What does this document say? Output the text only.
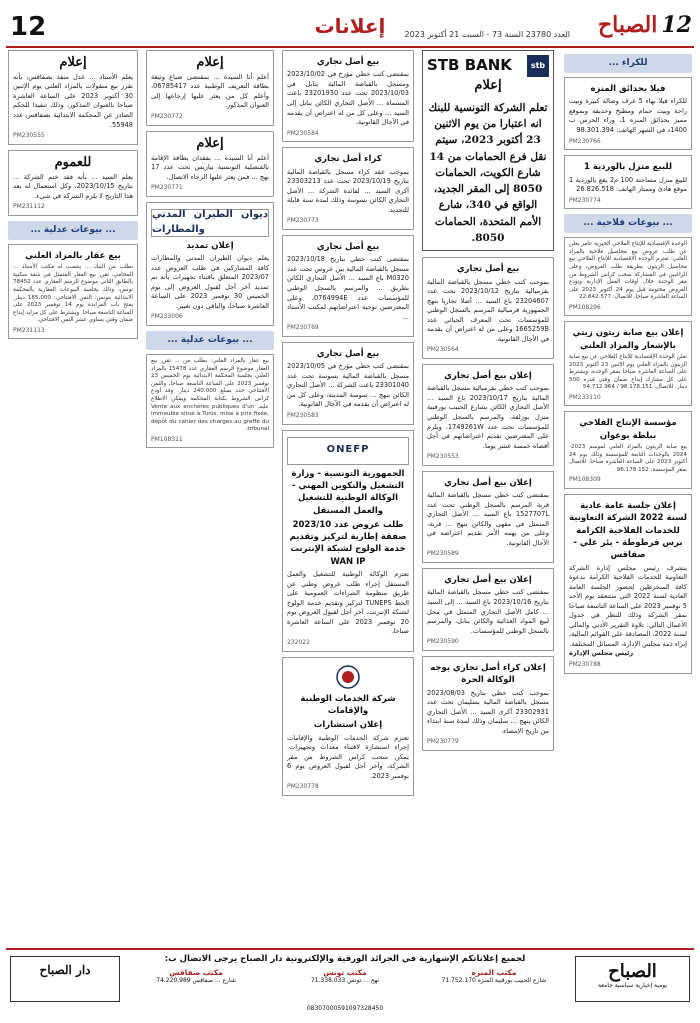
12الصباح
إعلانات
12	العدد 23780 السنة 73 - السبت 21 أكتوبر 2023
للكراء ...
فيلا بحدائق المنزه
للكراء فيلا بهاء 5 غرف وصالة كبيرة وبيت راحة وبيت حمام ومطبخ وحديقة وبموقع مميز بحدائق المنزه 1، وراء الحرس ب 1400د في الشهر الهاتف: 98.301.394
PM230766
للبيع منزل بالوردية 1
للبيع منزل مساحته 100 م2 يقع بالوردية 1 موقع هادئ وممتاز الهاتف: 26.826.518
PM230774
... بيوعات فلاحية ...
الوحدة الإقتصادية للإنتاج الفلاحي الخيرية عامر يعلن عن طلب عروض بيع محاصيل فلاحية بالمزاد العلني: تعتزم الوحدة الاقتصادية للإنتاج الفلاحي بيع محاصيل الزيتون بطريقة طلب العروض، وعلى الراغبين في المشاركة سحب كراس الشروط من مقر الوحدة خلال أوقات العمل الإدارية وتودع العروض مختومة قبل يوم 24 أكتوبر 2023 على الساعة العاشرة صباحا. للاتصال: 22.842.577
PM108296
إعلان بيع صابة زيتون زيتي بالإشعار والمزاد العلني
تعلن الوحدة الإقتصادية للإنتاج الفلاحي عن بيع صابة الزيتون بالمزاد العلني يوم الإثنين 23 أكتوبر 2023 على الساعة العاشرة صباحا بمقر الوحدة، ويشترط على كل مشارك إيداع ضمان وقتي قدره 500 دينار. للاتصال: 98.178.151 / 54.712.964
PM233110
مؤسسة الإنتاج الفلاحي ببلطة بوعوان
بيع صابة الزيتون بالمزاد العلني لموسم 2023-2024 بالوحدات التابعة للمؤسسة وذلك يوم 24 أكتوبر 2023 على الساعة العاشرة صباحا. للاتصال بمقر المؤسسة: 98.178.152
PM108309
إعلان جلسة عامة عادية لسنة 2022 الشركة التعاونية للخدمات الفلاحية الكرامة برس قرطوطة - بئر علي - صفاقس
يتشرف رئيس مجلس إدارة الشركة التعاونية للخدمات الفلاحية الكرامة بدعوة كافة المنخرطين لحضور الجلسة العامة العادية لسنة 2022 التي ستنعقد يوم الأحد 5 نوفمبر 2023 على الساعة التاسعة صباحا بمقر الشركة وذلك للنظر في جدول الأعمال التالي: تلاوة التقرير الأدبي والمالي لسنة 2022، المصادقة على القوائم المالية، إبراء ذمة مجلس الإدارة، المسائل المختلفة.
رئيس مجلس الإدارة
PM230788
STB BANK	stb
إعلام
تعلم الشركة التونسية للبنك انه اعتبارا من يوم الاثنين 23 أكتوبر 2023، سيتم نقل فرع الحمامات من 14 شارع الكويت، الحمامات 8050 إلى المقر الجديد، الواقع في 340، شارع الأمم المتحدة، الحمامات 8050.
بيع أصل تجاري
بموجب كتب خطي مسجل بالقباضة المالية بقرمبالية بتاريخ 2023/10/12 تحت عدد 23204607 باع السيد ... أصلا تجاريا بنهج الجمهورية قرمبالية المرسم بالسجل الوطني للمؤسسات تحت المعرف الجبائي عدد 1665259B وعلى من له اعتراض أن يقدمه في الآجال القانونية.
PM230564
إعلان بيع أصل تجاري
بموجب كتب خطي بقرمبالية مسجل بالقباضة المالية بتاريخ 2023/10/17 باع السيد ... الأصل التجاري الكائن بشارع الحبيب بورقيبة منزل بوزلفة، والمرسم بالسجل الوطني للمؤسسات تحت عدد 1749261W، ويلزم على المعترضين تقديم اعتراضاتهم في أجل أقصاه خمسة عشر يوما.
PM230553
إعلان بيع أصل تجاري
بمقتضى كتب خطي مسجل بالقباضة المالية قربة المرسم بالسجل الوطني تحت عدد 1527707L باع السيد ... الأصل التجاري المتمثل في مقهى والكائن بنهج ... قربة، وعلى من يهمه الأمر تقديم اعتراضه في الآجال القانونية.
PM230589
إعلان بيع أصل تجاري
بمقتضى كتب خطي مسجل بالقباضة المالية بتاريخ 2023/10/16 باع السيد ... إلى السيد ... كامل الأصل التجاري المتمثل في محل لبيع المواد الغذائية والكائن بنابل، والمرسم بالسجل الوطني للمؤسسات.
PM230590
إعلان كراء أصل تجاري بوجه الوكالة الحرة
بموجب كتب خطي بتاريخ 2023/08/03 مسجل بالقباضة المالية بسليمان تحت عدد 23302931 أكرى السيد ... الأصل التجاري الكائن بنهج ... سليمان وذلك لمدة سنة ابتداء من تاريخ الإمضاء.
PM230779
بيع أصل تجاري
بمقتضى كتب خطي مؤرخ في 2023/10/02 ومسجل بالقباضة المالية بنابل في 2023/10/03 تحت عدد 23201930 باعت المسماة ... الأصل التجاري الكائن بنابل إلى السيد ... وعلى كل من له اعتراض أن يقدمه في الآجال القانونية.
PM230584
كراء أصل تجاري
بموجب عقد كراء مسجل بالقباضة المالية بتاريخ 2023/10/19 تحت عدد 23303213 أكرى السيد ... لفائدة الشركة ... الأصل التجاري الكائن بسوسة وذلك لمدة سنة قابلة للتجديد.
PM230773
بيع أصل تجاري
بمقتضى كتب خطي بتاريخ 2023/10/18 مسجل بالقباضة المالية ببن عروس تحت عدد M0320 باع السيد ... الأصل التجاري الكائن بطريق ... والمرسم بالسجل الوطني للمؤسسات عدد 0764994E، وعلى المعترضين توجيه اعتراضاتهم لمكتب الأستاذ ...
PM230769
بيع أصل تجاري
بمقتضى كتب خطي مؤرخ في 2023/10/05 مسجل بالقباضة المالية بسوسة تحت عدد 23301040 باعت الشركة ... الأصل التجاري الكائن بنهج ... سوسة المدينة، وعلى كل من له اعتراض أن يقدمه في الآجال القانونية.
PM230583
ONEFP
الجمهورية التونسية - وزارة التشغيل والتكوين المهني - الوكالة الوطنية للتشغيل والعمل المستقل
طلب عروض عدد 2023/10 صفقة إطارية لتركيز وتقديم خدمة الولوج لشبكة الإنترنت WAN IP
تعتزم الوكالة الوطنية للتشغيل والعمل المستقل إجراء طلب عروض وطني عن طريق منظومة الشراءات العمومية على الخط TUNEPS لتركيز وتقديم خدمة الولوج لشبكة الإنترنت. آخر أجل لقبول العروض يوم 20 نوفمبر 2023 على الساعة العاشرة صباحا.
232022
شركة الخدمات الوطنية والإقامات
إعلان استشارات
تعتزم شركة الخدمات الوطنية والإقامات إجراء استشارة لاقتناء معدات وتجهيزات. يمكن سحب كراس الشروط من مقر الشركة، وآخر أجل لقبول العروض يوم 6 نوفمبر 2023.
PM230778
إعلام
أعلم أنا السيدة ... بمقتضى ضياع وثيقة بطاقة التعريف الوطنية عدد 06785417، وأعلم كل من يعثر عليها إرجاعها إلى العنوان المذكور.
PM230772
إعلام
أعلم أنا السيدة ... بفقدان بطاقة الإقامة بالقنصلية التونسية بباريس تحت عدد 17 نهج ... فمن يعثر عليها الرجاء الاتصال.
PM230771
ديوان الطيران المدني والمطارات
إعلان تمديد
يعلم ديوان الطيران المدني والمطارات كافة المشاركين في طلب العروض عدد 2023/07 المتعلق باقتناء تجهيزات بأنه تم تمديد آخر أجل لقبول العروض إلى يوم الخميس 30 نوفمبر 2023 على الساعة العاشرة صباحا، والباقي دون تغيير.
PM233006
... بيوعات عدلية ...
بيع عقار بالمزاد العلني: بطلب من ... تقرر بيع العقار موضوع الرسم العقاري عدد 15478 بالمزاد العلني بجلسة المحكمة الابتدائية يوم الخميس 23 نوفمبر 2023 على الساعة التاسعة صباحا، والثمن الافتتاحي حدد بمبلغ 240.000 دينار. وقد أودع كراس الشروط بكتابة المحكمة ويمكن الاطلاع عليه. Vente aux enchères publiques d'un immeuble situé à Tunis, mise à prix fixée, dépôt du cahier des charges au greffe du tribunal.
PM108311
إعلام
يعلم الأستاذ ... عدل منفذ بصفاقس، بأنه تقرر بيع منقولات بالمزاد العلني يوم الإثنين 30 أكتوبر 2023 على الساعة العاشرة صباحا بالعنوان المذكور، وذلك تنفيذا للحكم الصادر عن المحكمة الابتدائية بصفاقس عدد 55948.
PM230555
للعموم
يعلم السيد ... بأنه فقد ختم الشركة ... بتاريخ 2023/10/15، وكل استعمال له بعد هذا التاريخ لا يلزم الشركة في شيء.
PM231112
... بيوعات عدلية ...
بيع عقار بالمزاد العلني
بطلب من البنك ... ينتصب له مكتب الأستاذ ... المحامي، تقرر بيع العقار المتمثل في شقة سكنية بالطابق الثاني موضوع الرسم العقاري عدد 78452 تونس، وذلك بجلسة البيوعات العقارية بالمحكمة الابتدائية بتونس. الثمن الافتتاحي: 185.000 دينار. يفتح باب المزايدة يوم 14 نوفمبر 2023 على الساعة التاسعة صباحا. ويشترط على كل مزايد إيداع ضمان وقتي يساوي عشر الثمن الافتتاحي.
PM231113
الصباح
يومية إخبارية سياسية جامعة
لجميع إعلاناتكم الإشهارية في الجرائد الورقية والإلكترونية دار الصباح يرجى الاتصال ب:
مكتب المنزه
شارع الحبيب بورقيبة المنزه 71.752.170
مكتب تونس
نهج ... تونس 71.338.033
مكتب صفاقس
شارع ... صفاقس 74.220.989
08307000591097328450
دار الصباح
